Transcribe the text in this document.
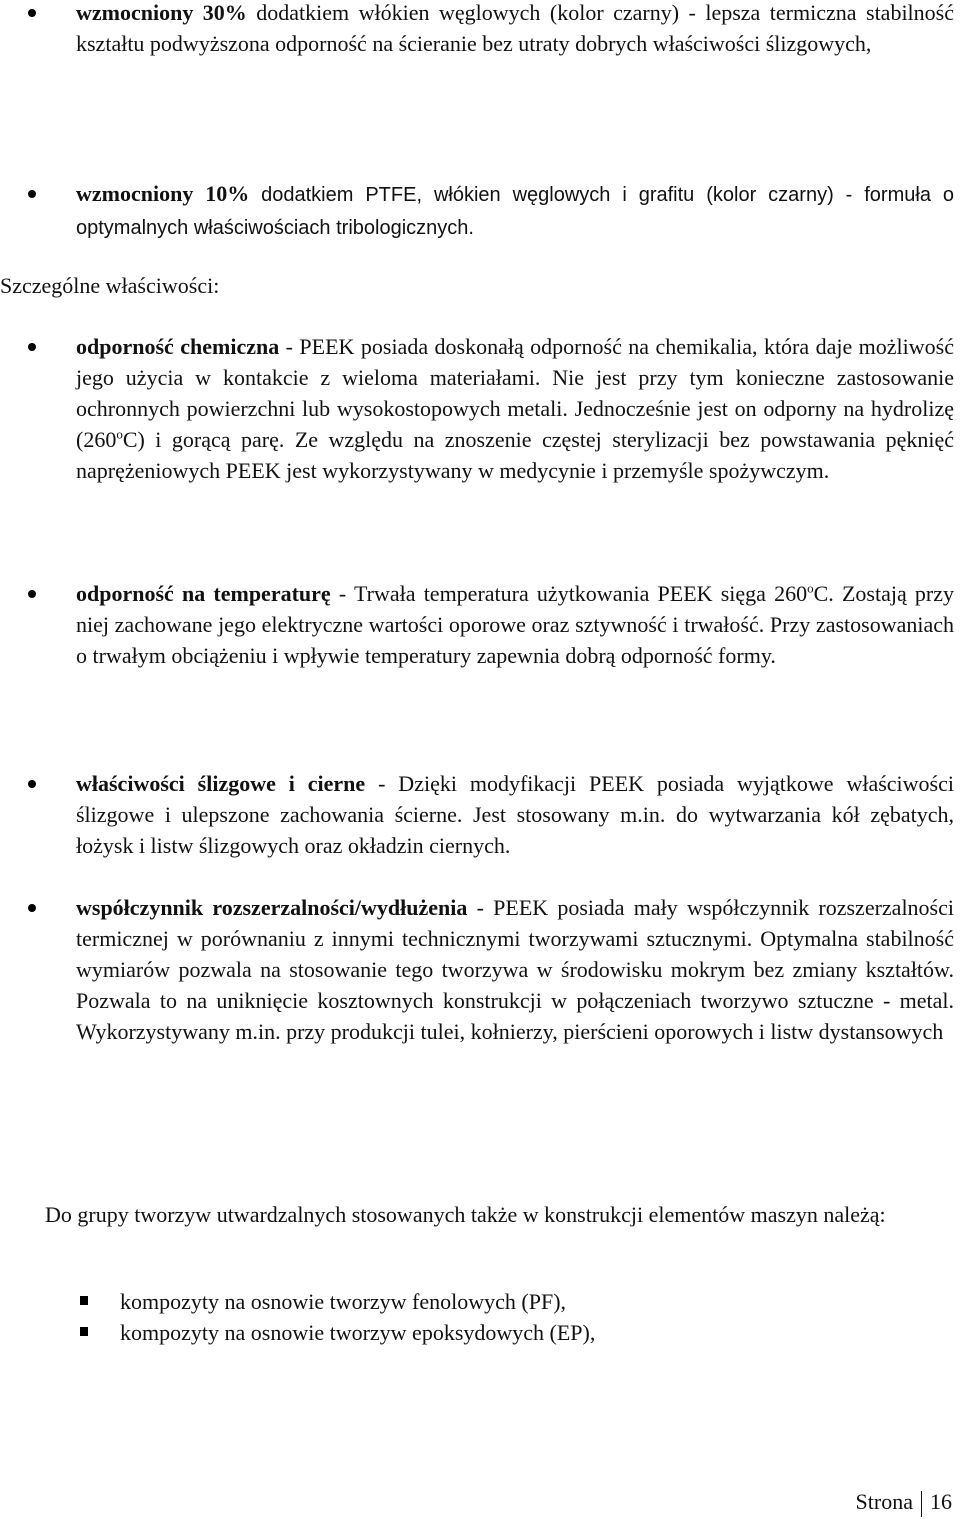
wzmocniony 30% dodatkiem włókien węglowych (kolor czarny) - lepsza termiczna stabilność kształtu podwyższona odporność na ścieranie bez utraty dobrych właściwości ślizgowych,
wzmocniony 10% dodatkiem PTFE, włókien węglowych i grafitu (kolor czarny) - formuła o optymalnych właściwościach tribologicznych.
Szczególne właściwości:
odporność chemiczna - PEEK posiada doskonałą odporność na chemikalia, która daje możliwość jego użycia w kontakcie z wieloma materiałami. Nie jest przy tym konieczne zastosowanie ochronnych powierzchni lub wysokostopowych metali. Jednocześnie jest on odporny na hydrolizę (260$^o$C) i gorącą parę. Ze względu na znoszenie częstej sterylizacji bez powstawania pęknięć naprężeniowych PEEK jest wykorzystywany w medycynie i przemyśle spożywczym.
odporność na temperaturę - Trwała temperatura użytkowania PEEK sięga 260$^o$C. Zostają przy niej zachowane jego elektryczne wartości oporowe oraz sztywność i trwałość. Przy zastosowaniach o trwałym obciążeniu i wpływie temperatury zapewnia dobrą odporność formy.
właściwości ślizgowe i cierne - Dzięki modyfikacji PEEK posiada wyjątkowe właściwości ślizgowe i ulepszone zachowania ścierne. Jest stosowany m.in. do wytwarzania kół zębatych, łożysk i listw ślizgowych oraz okładzin ciernych.
współczynnik rozszerzalności/wydłużenia - PEEK posiada mały współczynnik rozszerzalności termicznej w porównaniu z innymi technicznymi tworzywami sztucznymi. Optymalna stabilność wymiarów pozwala na stosowanie tego tworzywa w środowisku mokrym bez zmiany kształtów. Pozwala to na uniknięcie kosztownych konstrukcji w połączeniach tworzywo sztuczne - metal. Wykorzystywany m.in. przy produkcji tulei, kołnierzy, pierścieni oporowych i listw dystansowych
Do grupy tworzyw utwardzalnych stosowanych także w konstrukcji elementów maszyn należą:
kompozyty na osnowie tworzyw fenolowych (PF),
kompozyty na osnowie tworzyw epoksydowych (EP),
Strona 16
